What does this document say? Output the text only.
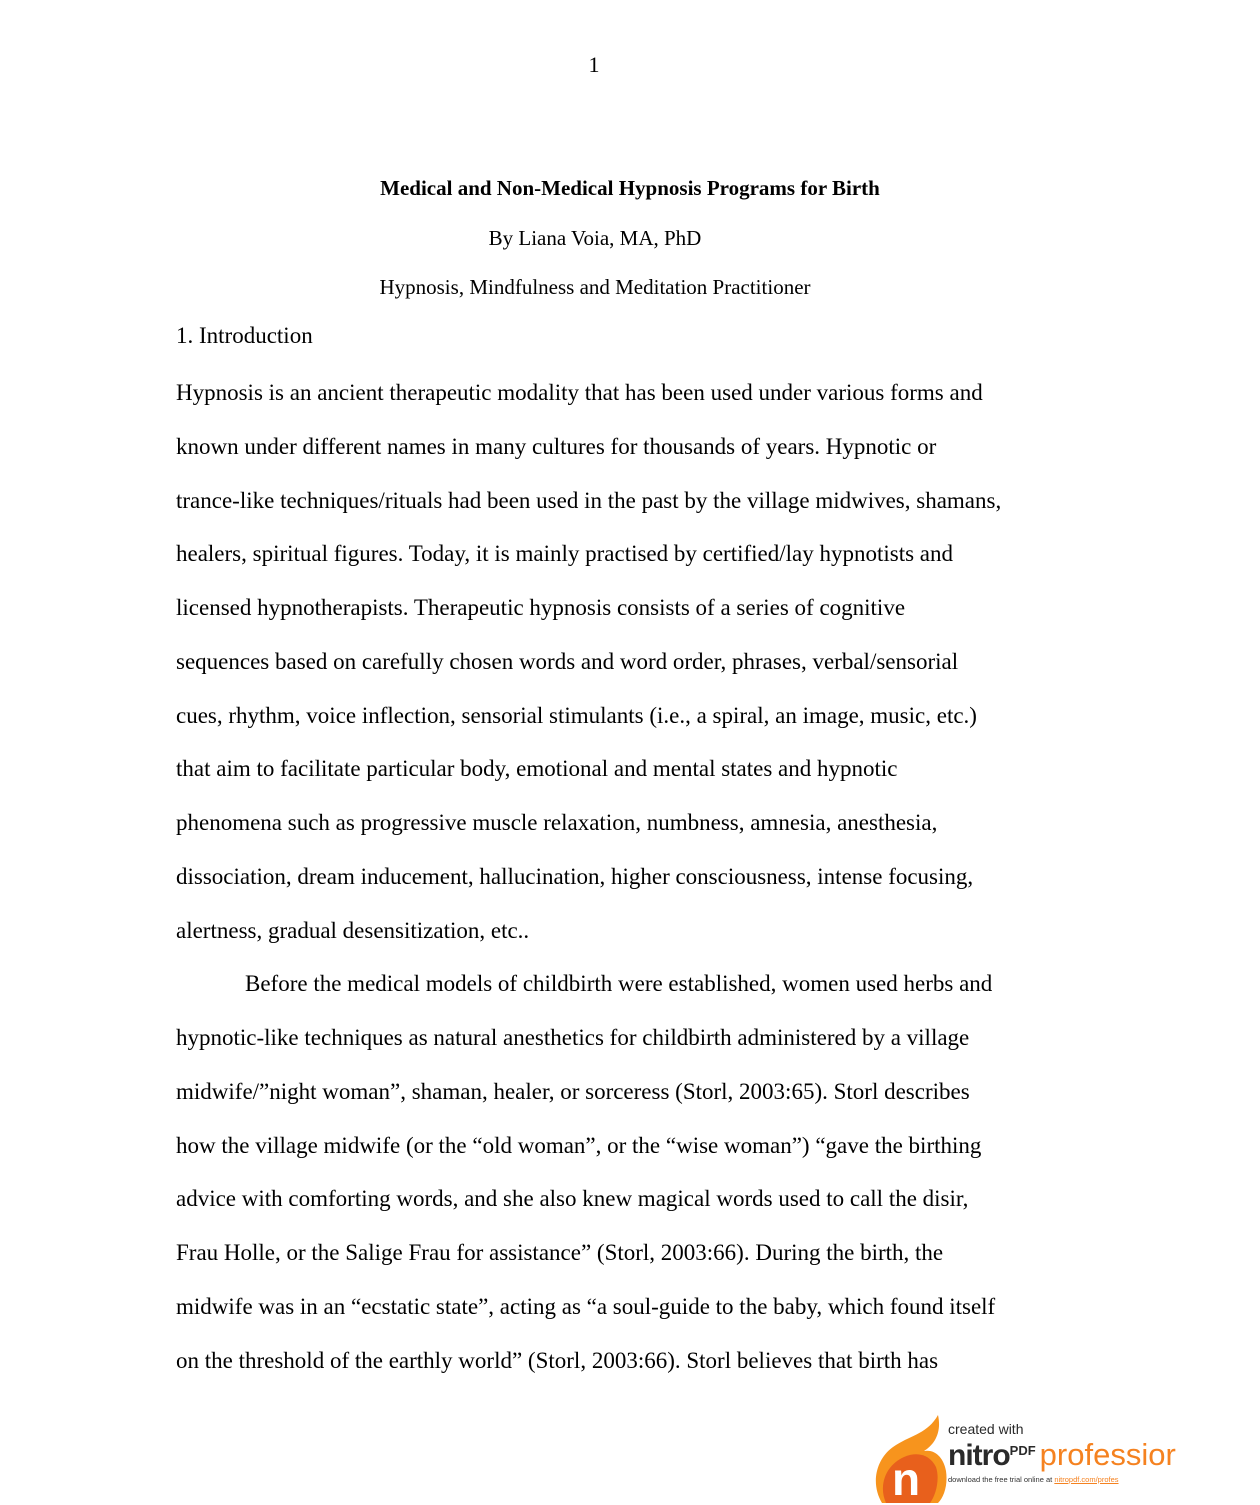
1
Medical and Non-Medical Hypnosis Programs for Birth
By Liana Voia, MA, PhD
Hypnosis, Mindfulness and Meditation Practitioner
1. Introduction
Hypnosis is an ancient therapeutic modality that has been used under various forms and
known under different names in many cultures for thousands of years. Hypnotic or
trance-like techniques/rituals had been used in the past by the village midwives, shamans,
healers, spiritual figures. Today, it is mainly practised by certified/lay hypnotists and
licensed hypnotherapists. Therapeutic hypnosis consists of a series of cognitive
sequences based on carefully chosen words and word order, phrases, verbal/sensorial
cues, rhythm, voice inflection, sensorial stimulants (i.e., a spiral, an image, music, etc.)
that aim to facilitate particular body, emotional and mental states and hypnotic
phenomena such as progressive muscle relaxation, numbness, amnesia, anesthesia,
dissociation, dream inducement, hallucination, higher consciousness, intense focusing,
alertness, gradual desensitization, etc..
Before the medical models of childbirth were established, women used herbs and
hypnotic-like techniques as natural anesthetics for childbirth administered by a village
midwife/”night woman”, shaman, healer, or sorceress (Storl, 2003:65). Storl describes
how the village midwife (or the “old woman”, or the “wise woman”) “gave the birthing
advice with comforting words, and she also knew magical words used to call the disir,
Frau Holle, or the Salige Frau for assistance” (Storl, 2003:66). During the birth, the
midwife was in an “ecstatic state”, acting as “a soul-guide to the baby, which found itself
on the threshold of the earthly world” (Storl, 2003:66). Storl believes that birth has
n
created with
nitro$^{PDF}$ professior
download the free trial online at nitropdf.com/profes
